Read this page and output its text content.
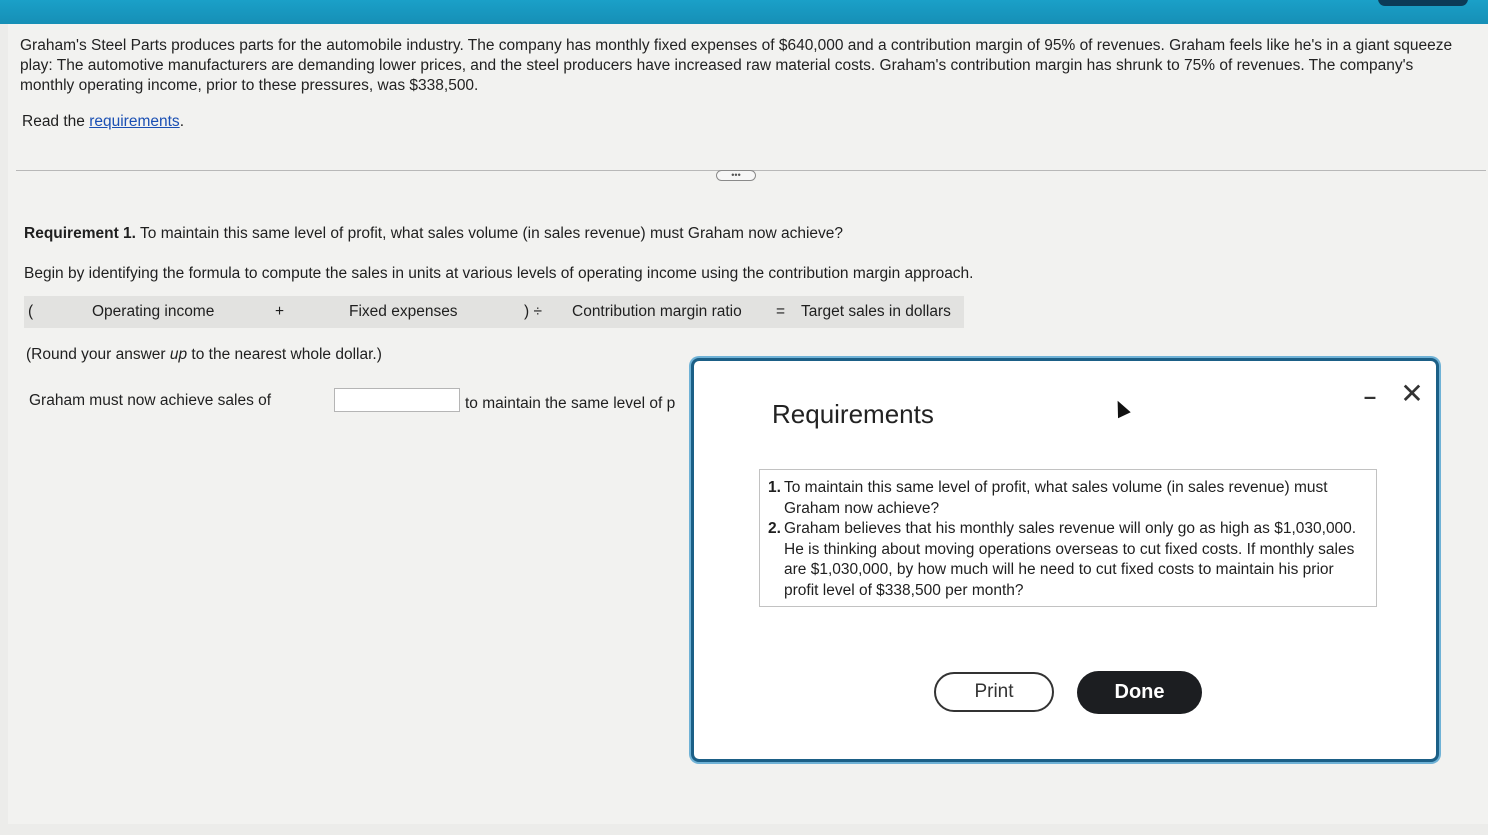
Graham's Steel Parts produces parts for the automobile industry. The company has monthly fixed expenses of $640,000 and a contribution margin of 95% of revenues. Graham feels like he's in a giant squeeze play: The automotive manufacturers are demanding lower prices, and the steel producers have increased raw material costs. Graham's contribution margin has shrunk to 75% of revenues. The company's monthly operating income, prior to these pressures, was $338,500.

Read the requirements.
•••
Requirement 1. To maintain this same level of profit, what sales volume (in sales revenue) must Graham now achieve?
Begin by identifying the formula to compute the sales in units at various levels of operating income using the contribution margin approach.
(	Operating income	+	Fixed expenses	) ÷ Contribution margin ratio = Target sales in dollars
(Round your answer up to the nearest whole dollar.)
Graham must now achieve sales of	to maintain the same level of p	Requirements
– ✕
1. To maintain this same level of profit, what sales volume (in sales revenue) must Graham now achieve?
2. Graham believes that his monthly sales revenue will only go as high as $1,030,000. He is thinking about moving operations overseas to cut fixed costs. If monthly sales are $1,030,000, by how much will he need to cut fixed costs to maintain his prior profit level of $338,500 per month?
Print	Done
